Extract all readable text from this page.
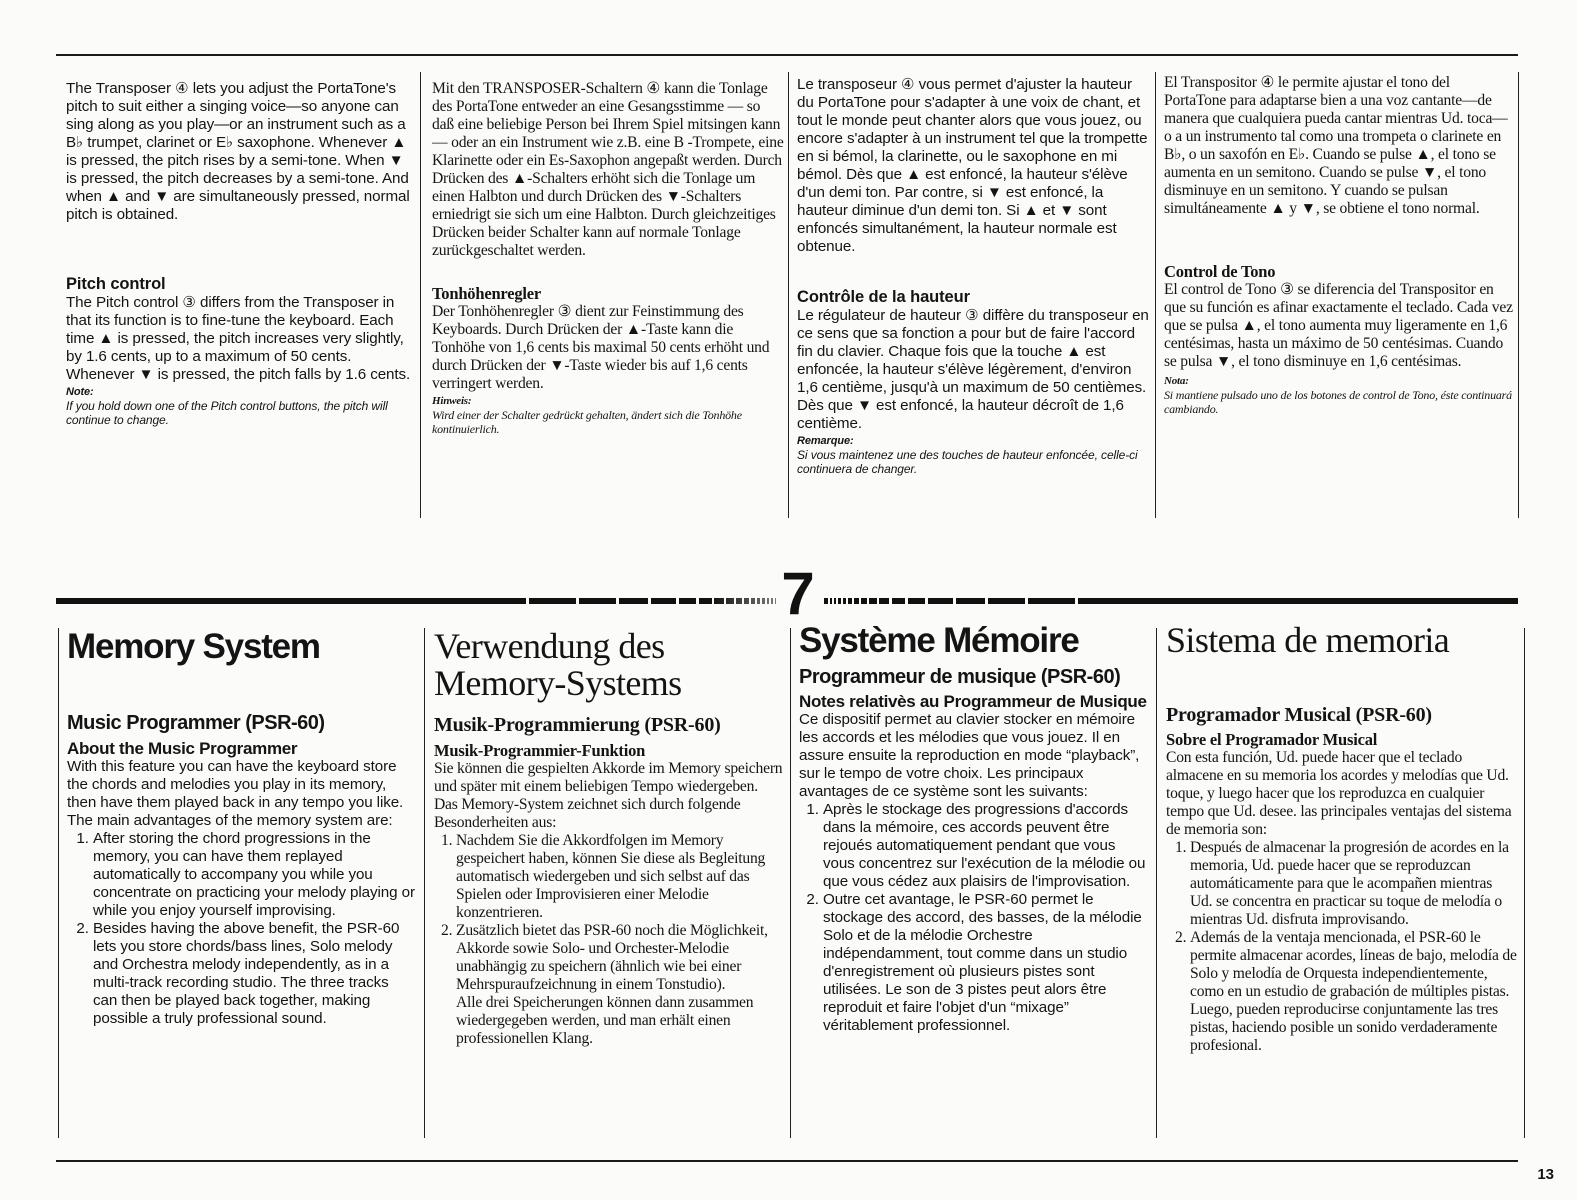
7

The Transposer ④ lets you adjust the PortaTone's pitch to suit either a singing voice—so anyone can sing along as you play—or an instrument such as a B♭ trumpet, clarinet or E♭ saxophone. Whenever ▲ is pressed, the pitch rises by a semi-tone. When ▼ is pressed, the pitch decreases by a semi-tone. And when ▲ and ▼ are simultaneously pressed, normal pitch is obtained.

Pitch control

The Pitch control ③ differs from the Transposer in that its function is to fine-tune the keyboard. Each time ▲ is pressed, the pitch increases very slightly, by 1.6 cents, up to a maximum of 50 cents.

Whenever ▼ is pressed, the pitch falls by 1.6 cents.

Note:

If you hold down one of the Pitch control buttons, the pitch will continue to change.

Mit den TRANSPOSER-Schaltern ④ kann die Tonlage des PortaTone entweder an eine Gesangsstimme — so daß eine beliebige Person bei Ihrem Spiel mitsingen kann — oder an ein Instrument wie z.B. eine B -Trompete, eine Klarinette oder ein Es-Saxophon angepaßt werden. Durch Drücken des ▲-Schalters erhöht sich die Tonlage um einen Halbton und durch Drücken des ▼-Schalters erniedrigt sie sich um eine Halbton. Durch gleichzeitiges Drücken beider Schalter kann auf normale Tonlage zurückgeschaltet werden.

Tonhöhenregler

Der Tonhöhenregler ③ dient zur Feinstimmung des Keyboards. Durch Drücken der ▲-Taste kann die Tonhöhe von 1,6 cents bis maximal 50 cents erhöht und durch Drücken der ▼-Taste wieder bis auf 1,6 cents verringert werden.

Hinweis:

Wird einer der Schalter gedrückt gehalten, ändert sich die Tonhöhe kontinuierlich.

Le transposeur ④ vous permet d'ajuster la hauteur du PortaTone pour s'adapter à une voix de chant, et tout le monde peut chanter alors que vous jouez, ou encore s'adapter à un instrument tel que la trompette en si bémol, la clarinette, ou le saxophone en mi bémol. Dès que ▲ est enfoncé, la hauteur s'élève d'un demi ton. Par contre, si ▼ est enfoncé, la hauteur diminue d'un demi ton. Si ▲ et ▼ sont enfoncés simultanément, la hauteur normale est obtenue.

Contrôle de la hauteur

Le régulateur de hauteur ③ diffère du transposeur en ce sens que sa fonction a pour but de faire l'accord fin du clavier. Chaque fois que la touche ▲ est enfoncée, la hauteur s'élève légèrement, d'environ 1,6 centième, jusqu'à un maximum de 50 centièmes. Dès que ▼ est enfoncé, la hauteur décroît de 1,6 centième.

Remarque:

Si vous maintenez une des touches de hauteur enfoncée, celle-ci continuera de changer.

El Transpositor ④ le permite ajustar el tono del PortaTone para adaptarse bien a una voz cantante—de manera que cualquiera pueda cantar mientras Ud. toca—o a un instrumento tal como una trompeta o clarinete en B♭, o un saxofón en E♭. Cuando se pulse ▲, el tono se aumenta en un semitono. Cuando se pulse ▼, el tono disminuye en un semitono. Y cuando se pulsan simultáneamente ▲ y ▼, se obtiene el tono normal.

Control de Tono

El control de Tono ③ se diferencia del Transpositor en que su función es afinar exactamente el teclado. Cada vez que se pulsa ▲, el tono aumenta muy ligeramente en 1,6 centésimas, hasta un máximo de 50 centésimas. Cuando se pulsa ▼, el tono disminuye en 1,6 centésimas.

Nota:

Si mantiene pulsado uno de los botones de control de Tono, éste continuará cambiando.

Memory System
Music Programmer (PSR-60)
About the Music Programmer

With this feature you can have the keyboard store the chords and melodies you play in its memory, then have them played back in any tempo you like. The main advantages of the memory system are:

1. After storing the chord progressions in the memory, you can have them replayed automatically to accompany you while you concentrate on practicing your melody playing or while you enjoy yourself improvising.
2. Besides having the above benefit, the PSR-60 lets you store chords/bass lines, Solo melody and Orchestra melody independently, as in a multi-track recording studio. The three tracks can then be played back together, making possible a truly professional sound.
Verwendung des Memory-Systems
Musik-Programmierung (PSR-60)
Musik-Programmier-Funktion

Sie können die gespielten Akkorde im Memory speichern und später mit einem beliebigen Tempo wiedergeben. Das Memory-System zeichnet sich durch folgende Besonderheiten aus:

1. Nachdem Sie die Akkordfolgen im Memory gespeichert haben, können Sie diese als Begleitung automatisch wiedergeben und sich selbst auf das Spielen oder Improvisieren einer Melodie konzentrieren.
2. Zusätzlich bietet das PSR-60 noch die Möglichkeit, Akkorde sowie Solo- und Orchester-Melodie unabhängig zu speichern (ähnlich wie bei einer Mehrspuraufzeichnung in einem Tonstudio).

Alle drei Speicherungen können dann zusammen wiedergegeben werden, und man erhält einen professionellen Klang.

Système Mémoire
Programmeur de musique (PSR-60)
Notes relativès au Programmeur de Musique

Ce dispositif permet au clavier stocker en mémoire les accords et les mélodies que vous jouez. Il en assure ensuite la reproduction en mode “playback”, sur le tempo de votre choix. Les principaux avantages de ce système sont les suivants:

1. Après le stockage des progressions d'accords dans la mémoire, ces accords peuvent être rejoués automatiquement pendant que vous vous concentrez sur l'exécution de la mélodie ou que vous cédez aux plaisirs de l'improvisation.
2. Outre cet avantage, le PSR-60 permet le stockage des accord, des basses, de la mélodie Solo et de la mélodie Orchestre indépendamment, tout comme dans un studio d'enregistrement où plusieurs pistes sont utilisées. Le son de 3 pistes peut alors être reproduit et faire l'objet d'un “mixage” véritablement professionnel.
Sistema de memoria
Programador Musical (PSR-60)
Sobre el Programador Musical

Con esta función, Ud. puede hacer que el teclado almacene en su memoria los acordes y melodías que Ud. toque, y luego hacer que los reproduzca en cualquier tempo que Ud. desee. las principales ventajas del sistema de memoria son:

1. Después de almacenar la progresión de acordes en la memoria, Ud. puede hacer que se reproduzcan automáticamente para que le acompañen mientras Ud. se concentra en practicar su toque de melodía o mientras Ud. disfruta improvisando.
2. Además de la ventaja mencionada, el PSR-60 le permite almacenar acordes, líneas de bajo, melodía de Solo y melodía de Orquesta independientemente, como en un estudio de grabación de múltiples pistas. Luego, pueden reproducirse conjuntamente las tres pistas, haciendo posible un sonido verdaderamente profesional.
13
